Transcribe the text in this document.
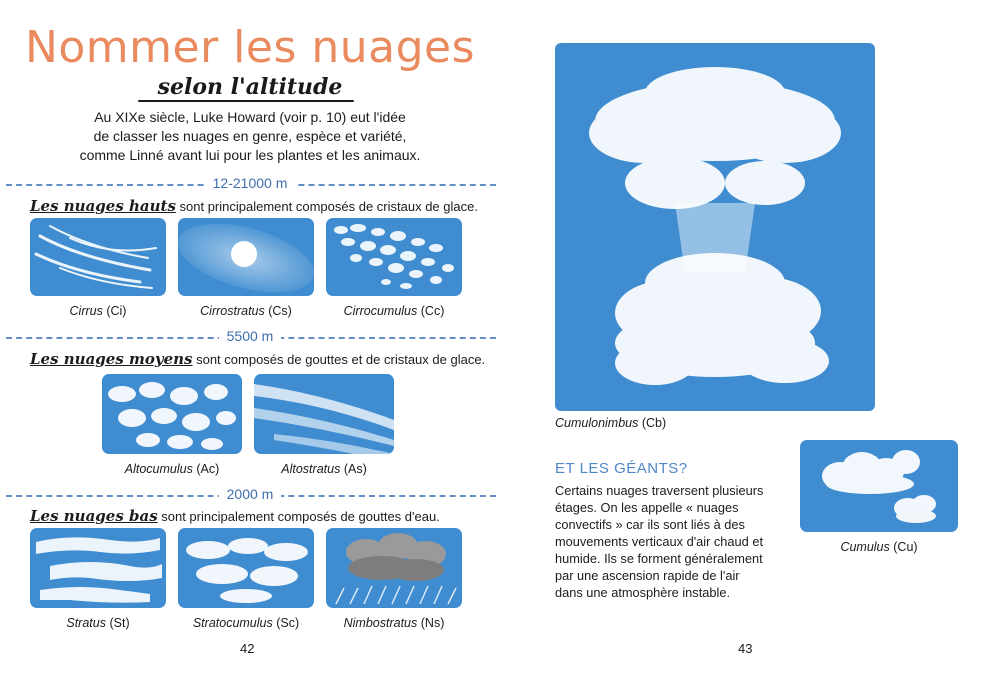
Nommer les nuages
selon l'altitude
Au XIXe siècle, Luke Howard (voir p. 10) eut l'idée
de classer les nuages en genre, espèce et variété,
comme Linné avant lui pour les plantes et les animaux.
12-21000 m
Les nuages hauts sont principalement composés de cristaux de glace.
Cirrus (Ci)	Cirrostratus (Cs)	Cirrocumulus (Cc)
5500 m
Les nuages moyens sont composés de gouttes et de cristaux de glace.
Altocumulus (Ac)	Altostratus (As)
2000 m
Les nuages bas sont principalement composés de gouttes d'eau.
Stratus (St)	Stratocumulus (Sc)	Nimbostratus (Ns)
42
Cumulonimbus (Cb)
ET LES GÉANTS?
Certains nuages traversent plusieurs
étages. On les appelle « nuages
convectifs » car ils sont liés à des
mouvements verticaux d'air chaud et
humide. Ils se forment généralement
par une ascension rapide de l'air
dans une atmosphère instable.
Cumulus (Cu)
43
